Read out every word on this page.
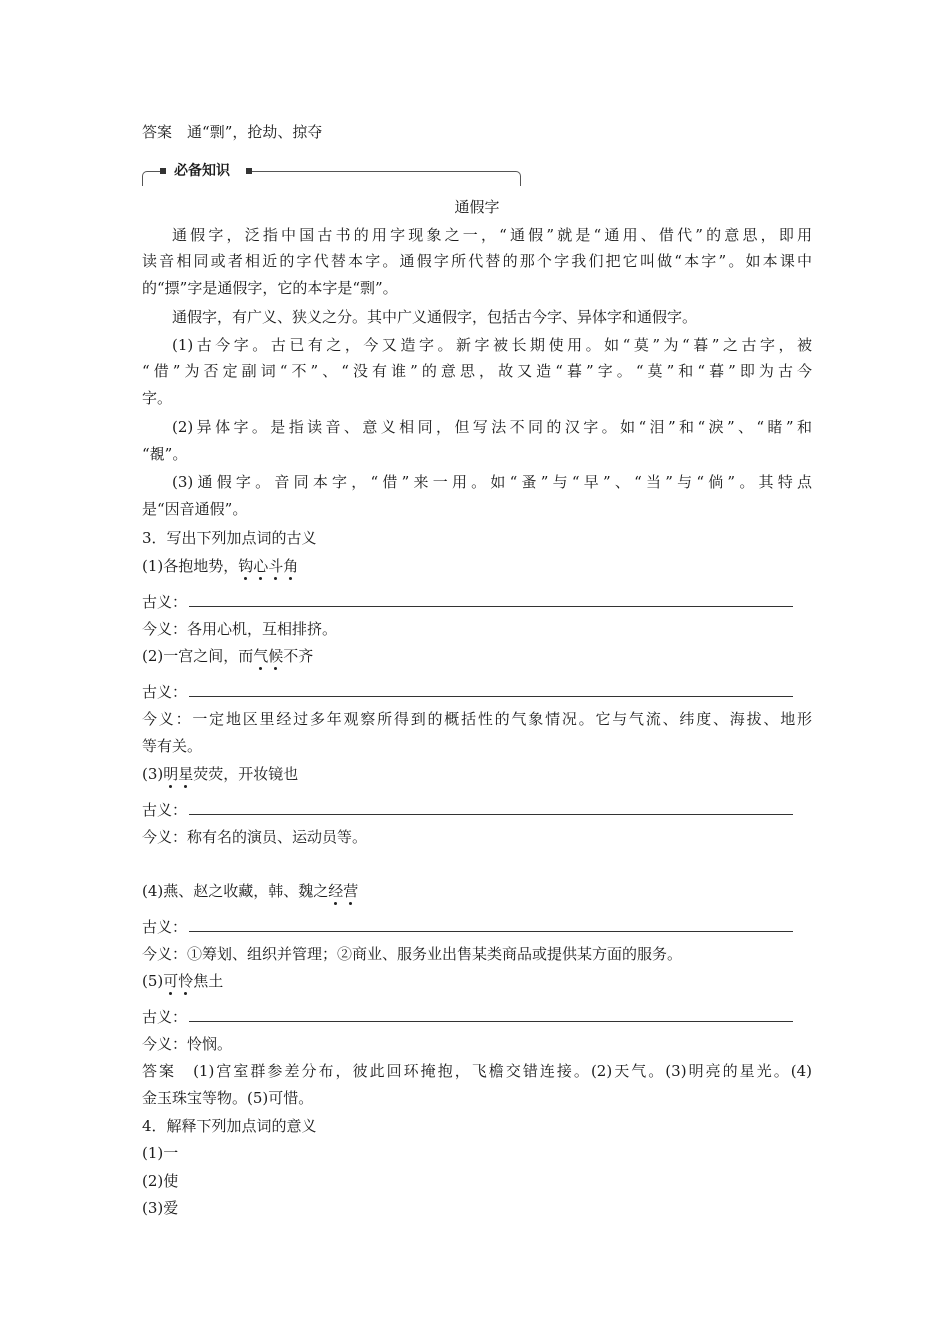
答案　 通“剽”，抢劫、掠夺
必备知识
通假字
通假字，泛指中国古书的用字现象之一，“通假”就是“通用、借代”的意思，即用
读音相同或者相近的字代替本字。通假字所代替的那个字我们把它叫做“本字”。如本课中
的“摽”字是通假字，它的本字是“剽”。
通假字，有广义、狭义之分。其中广义通假字，包括古今字、异体字和通假字。
(1)古今字。古已有之，今又造字。新字被长期使用。如“莫”为“暮”之古字，被
“借”为否定副词“不”、“没有谁”的意思，故又造“暮”字。“莫”和“暮”即为古今
字。
(2)异体字。是指读音、意义相同，但写法不同的汉字。如“泪”和“淚”、“睹”和
“覩”。
(3)通假字。音同本字，“借”来一用。如“蚤”与“早”、“当”与“倘”。其特点
是“因音通假”。
3．写出下列加点词的古义
(1)各抱地势，钩心斗角
古义：
今义：各用心机，互相排挤。
(2)一宫之间，而气候不齐
古义：
今义：一定地区里经过多年观察所得到的概括性的气象情况。它与气流、纬度、海拔、地形
等有关。
(3)明星荧荧，开妆镜也
古义：
今义：称有名的演员、运动员等。
(4)燕、赵之收藏，韩、魏之经营
古义：
今义：①筹划、组织并管理；②商业、服务业出售某类商品或提供某方面的服务。
(5)可怜焦土
古义：
今义：怜悯。
答案　(1)宫室群参差分布，彼此回环掩抱，飞檐交错连接。(2)天气。(3)明亮的星光。(4)
金玉珠宝等物。(5)可惜。
4．解释下列加点词的意义
(1)一
(2)使
(3)爱
